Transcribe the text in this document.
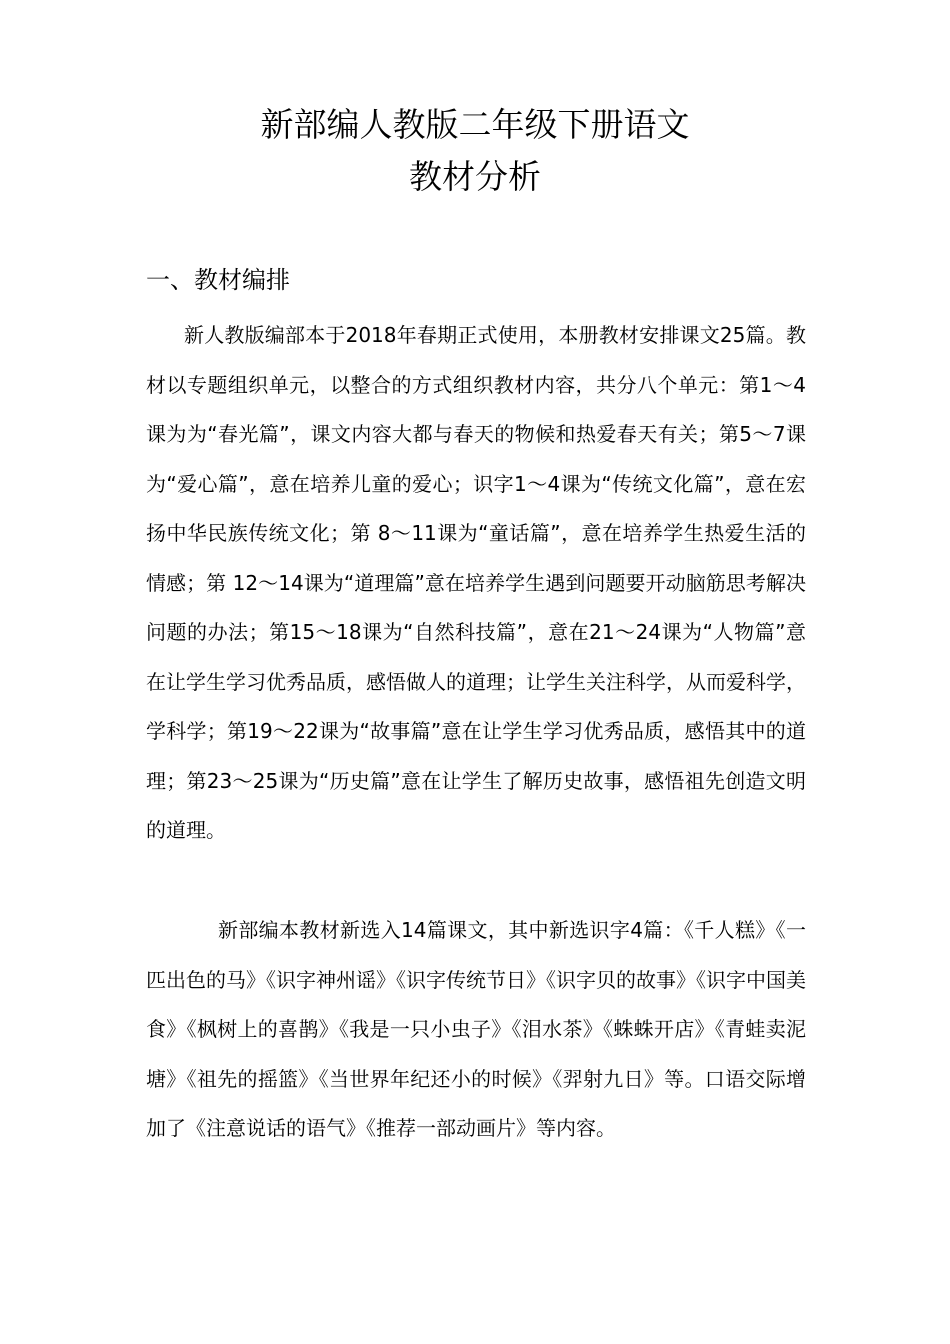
新部编人教版二年级下册语文
教材分析
一、教材编排

新人教版编部本于2018年春期正式使用，本册教材安排课文25篇。教材以专题组织单元，以整合的方式组织教材内容，共分八个单元：第1～4课为为“春光篇”，课文内容大都与春天的物候和热爱春天有关；第5～7课为“爱心篇”，意在培养儿童的爱心；识字1～4课为“传统文化篇”，意在宏扬中华民族传统文化；第 8～11课为“童话篇”，意在培养学生热爱生活的情感；第 12～14课为“道理篇”意在培养学生遇到问题要开动脑筋思考解决问题的办法；第15～18课为“自然科技篇”，意在21～24课为“人物篇”意在让学生学习优秀品质，感悟做人的道理；让学生关注科学，从而爱科学，学科学；第19～22课为“故事篇”意在让学生学习优秀品质，感悟其中的道理；第23～25课为“历史篇”意在让学生了解历史故事，感悟祖先创造文明的道理。

新部编本教材新选入14篇课文，其中新选识字4篇：《千人糕》《一匹出色的马》《识字神州谣》《识字传统节日》《识字贝的故事》《识字中国美食》《枫树上的喜鹊》《我是一只小虫子》《泪水茶》《蛛蛛开店》《青蛙卖泥塘》《祖先的摇篮》《当世界年纪还小的时候》《羿射九日》等。口语交际增加了《注意说话的语气》《推荐一部动画片》等内容。
